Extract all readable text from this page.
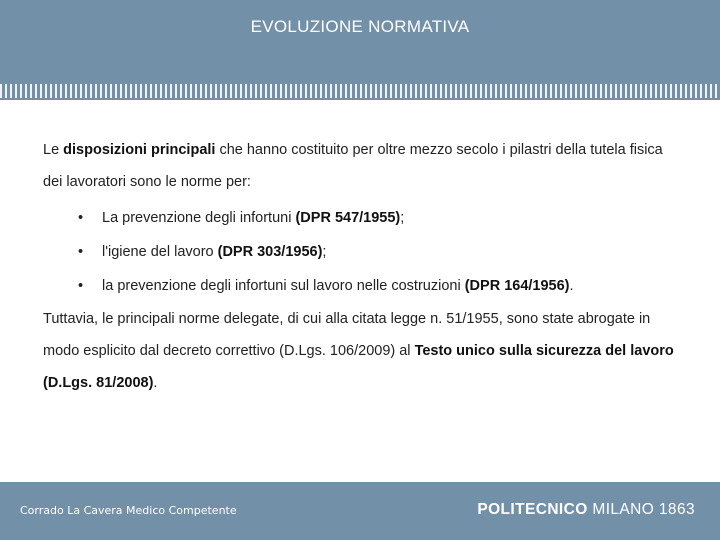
EVOLUZIONE NORMATIVA

Le disposizioni principali che hanno costituito per oltre mezzo secolo i pilastri della tutela fisica dei lavoratori sono le norme per:

• La prevenzione degli infortuni (DPR 547/1955);
• l'igiene del lavoro (DPR 303/1956);
• la prevenzione degli infortuni sul lavoro nelle costruzioni (DPR 164/1956).

Tuttavia, le principali norme delegate, di cui alla citata legge n. 51/1955, sono state abrogate in modo esplicito dal decreto correttivo (D.Lgs. 106/2009) al Testo unico sulla sicurezza del lavoro (D.Lgs. 81/2008).

Corrado La Cavera Medico Competente	POLITECNICO MILANO 1863
